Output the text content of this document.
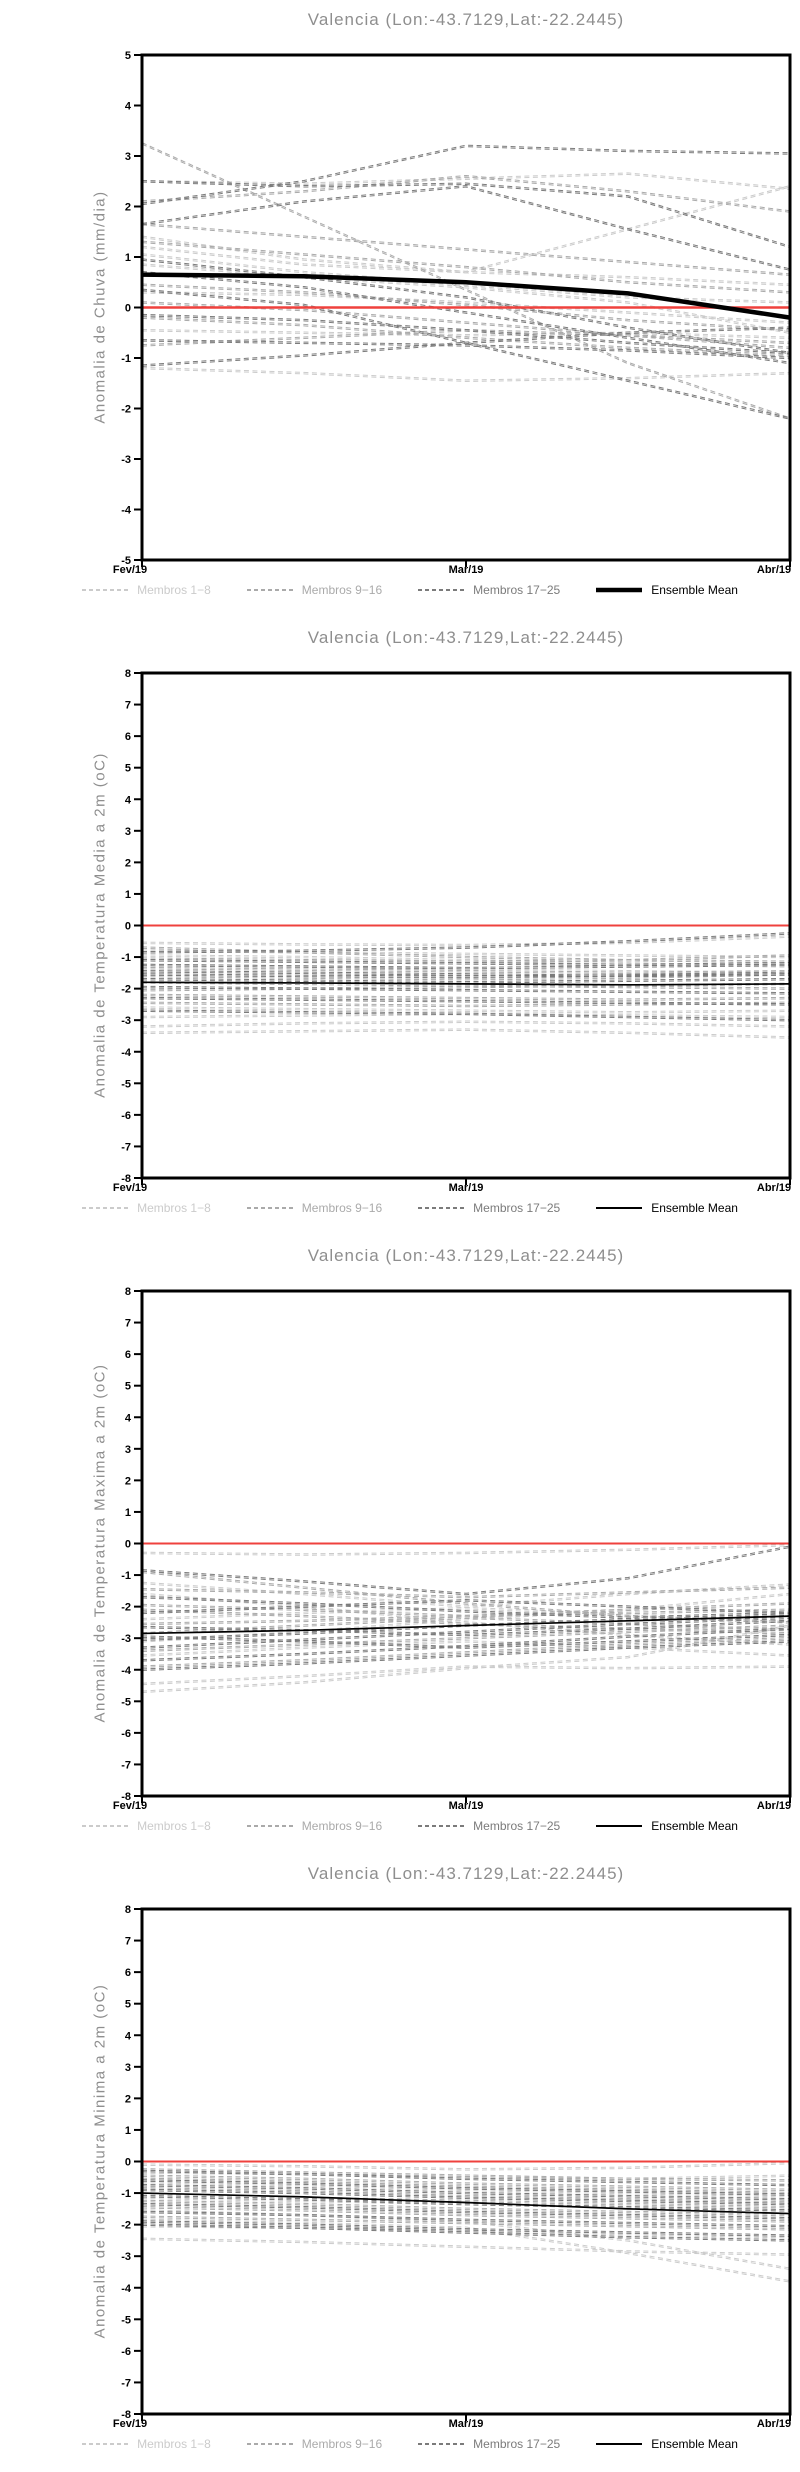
Valencia (Lon:-43.7129,Lat:-22.2445)
Anomalia de Chuva (mm/dia)
5
4
3
2
1
0
-1
-2
-3
-4
-5
Fev/19	Mar/19	Abr/19
Membros 1−8	Membros 9−16	Membros 17−25	Ensemble Mean
Valencia (Lon:-43.7129,Lat:-22.2445)
Anomalia de Temperatura Media a 2m (oC)
8
7
6
5
4
3
2
1
0
-1
-2
-3
-4
-5
-6
-7
-8
Fev/19	Mar/19	Abr/19
Membros 1−8	Membros 9−16	Membros 17−25	Ensemble Mean
Valencia (Lon:-43.7129,Lat:-22.2445)
Anomalia de Temperatura Maxima a 2m (oC)
8
7
6
5
4
3
2
1
0
-1
-2
-3
-4
-5
-6
-7
-8
Fev/19	Mar/19	Abr/19
Membros 1−8	Membros 9−16	Membros 17−25	Ensemble Mean
Valencia (Lon:-43.7129,Lat:-22.2445)
Anomalia de Temperatura Minima a 2m (oC)
8
7
6
5
4
3
2
1
0
-1
-2
-3
-4
-5
-6
-7
-8
Fev/19	Mar/19	Abr/19
Membros 1−8	Membros 9−16	Membros 17−25	Ensemble Mean
